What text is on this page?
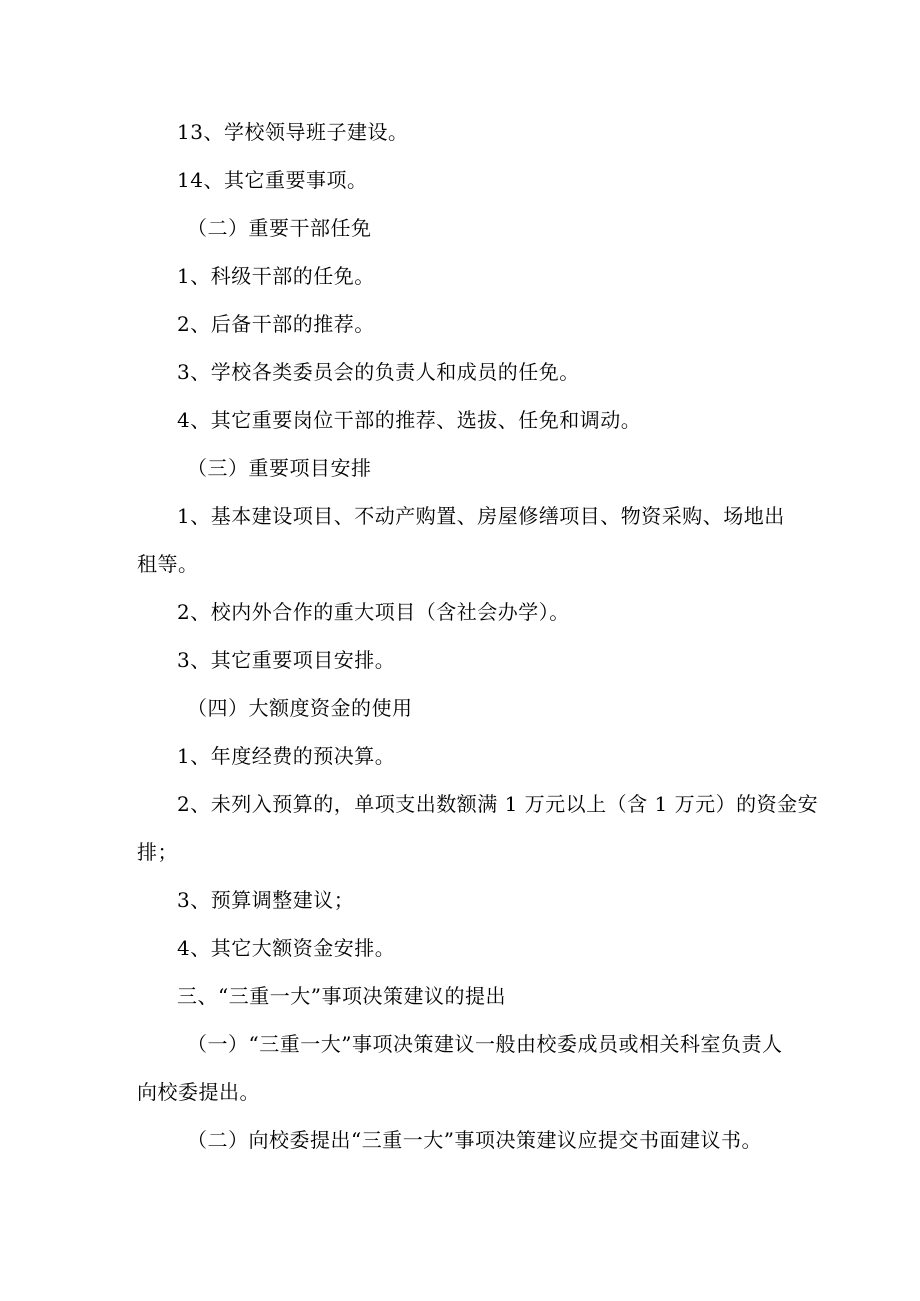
13、学校领导班子建设。
14、其它重要事项。
（二）重要干部任免
1、科级干部的任免。
2、后备干部的推荐。
3、学校各类委员会的负责人和成员的任免。
4、其它重要岗位干部的推荐、选拔、任免和调动。
（三）重要项目安排
1、基本建设项目、不动产购置、房屋修缮项目、物资采购、场地出
租等。
2、校内外合作的重大项目（含社会办学）。
3、其它重要项目安排。
（四）大额度资金的使用
1、年度经费的预决算。
2、未列入预算的，单项支出数额满 1 万元以上（含 1 万元）的资金安
排；
3、预算调整建议；
4、其它大额资金安排。
三、“三重一大”事项决策建议的提出
（一）“三重一大”事项决策建议一般由校委成员或相关科室负责人
向校委提出。
（二）向校委提出“三重一大”事项决策建议应提交书面建议书。
